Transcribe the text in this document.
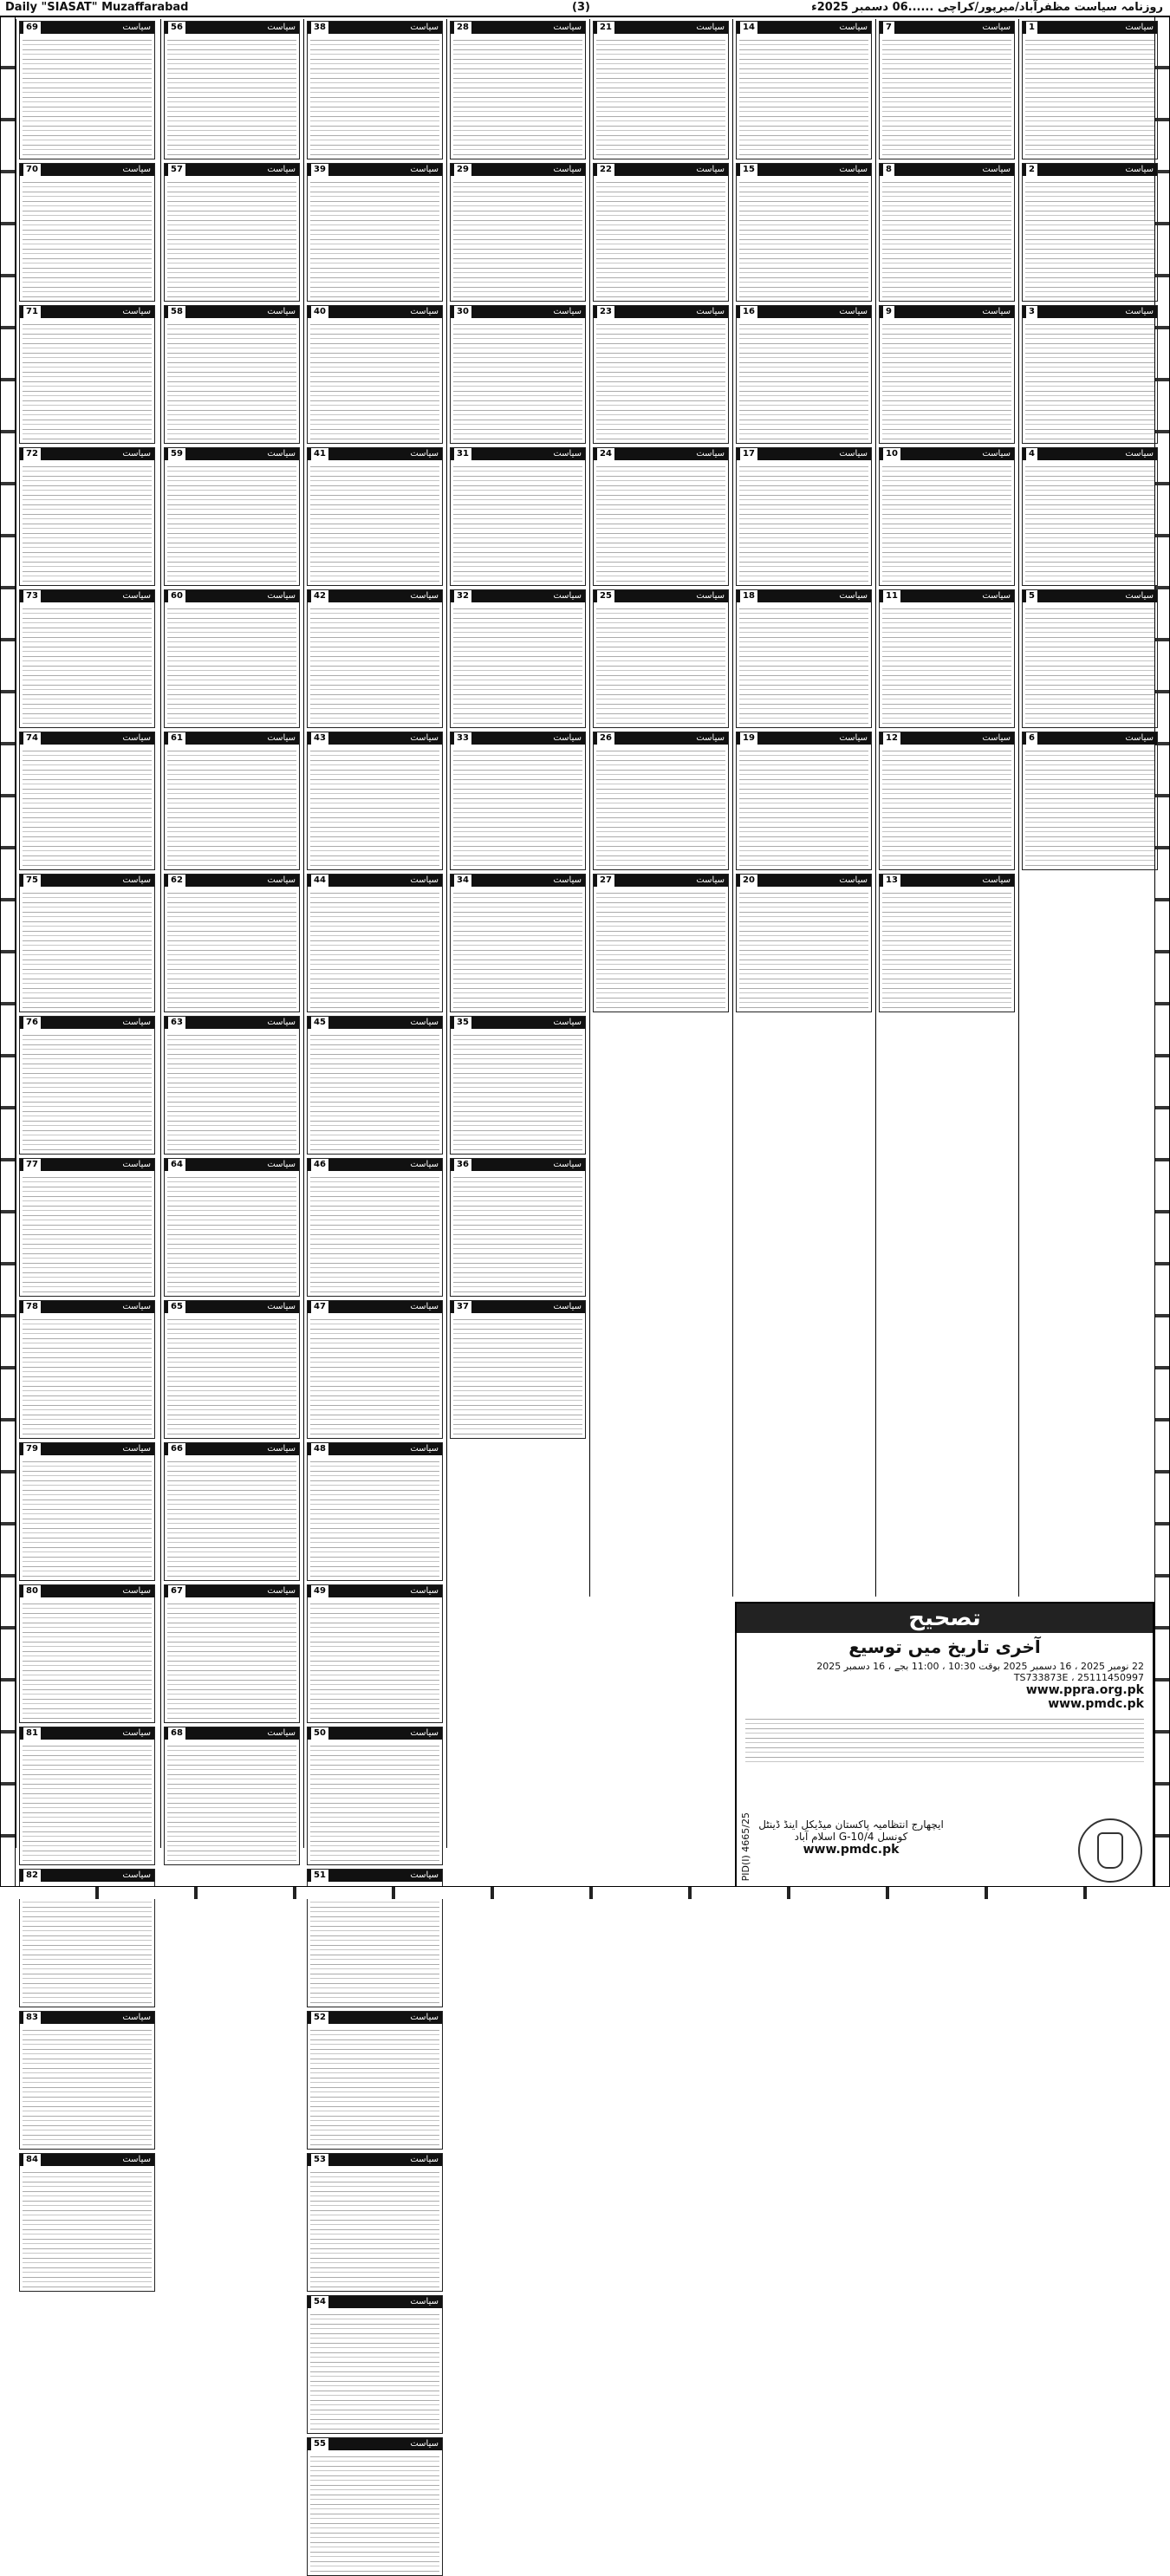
Daily "SIASAT" Muzaffarabad	(3)	روزنامہ سیاست مظفرآباد/میرپور/کراچی ......06 دسمبر 2025ء
سیاست
69
سیاست
70
سیاست
71
سیاست
72
سیاست
73
سیاست
74
سیاست
75
سیاست
76
سیاست
77
سیاست
78
سیاست
79
سیاست
80
سیاست
81
سیاست
82
سیاست
83
سیاست
84
سیاست
56
سیاست
57
سیاست
58
سیاست
59
سیاست
60
سیاست
61
سیاست
62
سیاست
63
سیاست
64
سیاست
65
سیاست
66
سیاست
67
سیاست
68
سیاست
38
سیاست
39
سیاست
40
سیاست
41
سیاست
42
سیاست
43
سیاست
44
سیاست
45
سیاست
46
سیاست
47
سیاست
48
سیاست
49
سیاست
50
سیاست
51
سیاست
52
سیاست
53
سیاست
54
سیاست
55
سیاست
28
سیاست
29
سیاست
30
سیاست
31
سیاست
32
سیاست
33
سیاست
34
سیاست
35
سیاست
36
سیاست
37
سیاست
21
سیاست
22
سیاست
23
سیاست
24
سیاست
25
سیاست
26
سیاست
27
سیاست
14
سیاست
15
سیاست
16
سیاست
17
سیاست
18
سیاست
19
سیاست
20
سیاست
7
سیاست
8
سیاست
9
سیاست
10
سیاست
11
سیاست
12
سیاست
13
سیاست
1
سیاست
2
سیاست
3
سیاست
4
سیاست
5
سیاست
6
تصحیح
آخری تاریخ میں توسیع
22 نومبر 2025 ، 16 دسمبر 2025 بوقت 10:30 ، 11:00 بجے ، 16 دسمبر 2025
TS733873E ، 25111450997
www.ppra.org.pk
www.pmdc.pk
ایچھارج انتظامیہ پاکستان میڈیکل اینڈ ڈینٹل کونسل G-10/4 اسلام آباد
www.pmdc.pk
PID(I) 4665/25
